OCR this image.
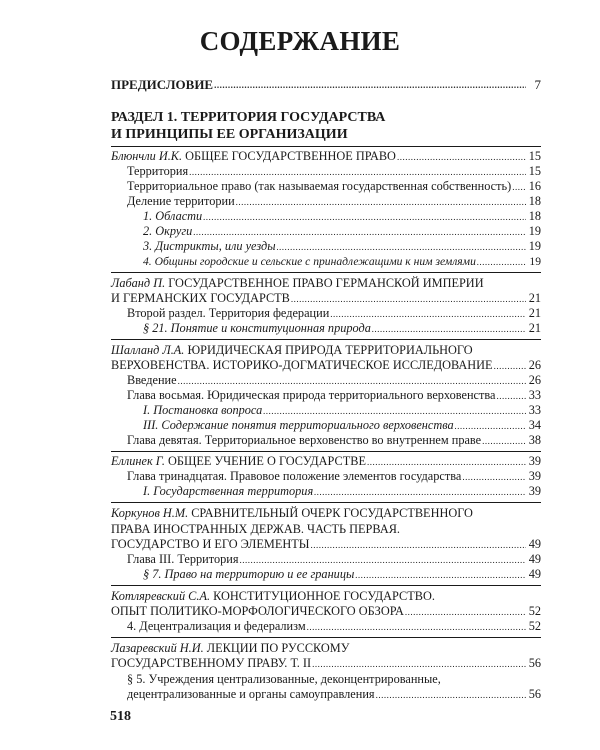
СОДЕРЖАНИЕ
ПРЕДИСЛОВИЕ .....	7
РАЗДЕЛ 1. ТЕРРИТОРИЯ ГОСУДАРСТВА
И ПРИНЦИПЫ ЕЕ ОРГАНИЗАЦИИ
Блюнчли И.К. ОБЩЕЕ ГОСУДАРСТВЕННОЕ ПРАВО .....	15
Территория .....	15
Территориальное право (так называемая государственная собственность) ..... 16
Деление территории .....	18
1. Области .....	18
2. Округи .....	19
3. Дистрикты, или уезды .....	19
4. Общины городские и сельские с принадлежащими к ним землями .....	19
Лабанд П. ГОСУДАРСТВЕННОЕ ПРАВО ГЕРМАНСКОЙ ИМПЕРИИ
И ГЕРМАНСКИХ ГОСУДАРСТВ .....	21
Второй раздел. Территория федерации .....	21
§ 21. Понятие и конституционная природа .....	21
Шалланд Л.А. ЮРИДИЧЕСКАЯ ПРИРОДА ТЕРРИТОРИАЛЬНОГО
ВЕРХОВЕНСТВА. ИСТОРИКО-ДОГМАТИЧЕСКОЕ ИССЛЕДОВАНИЕ .....	26
Введение .....	26
Глава восьмая. Юридическая природа территориального верховенства .....	33
I. Постановка вопроса .....	33
III. Содержание понятия территориального верховенства .....	34
Глава девятая. Территориальное верховенство во внутреннем праве .....	38
Еллинек Г. ОБЩЕЕ УЧЕНИЕ О ГОСУДАРСТВЕ .....	39
Глава тринадцатая. Правовое положение элементов государства .....	39
I. Государственная территория .....	39
Коркунов Н.М. СРАВНИТЕЛЬНЫЙ ОЧЕРК ГОСУДАРСТВЕННОГО
ПРАВА ИНОСТРАННЫХ ДЕРЖАВ. ЧАСТЬ ПЕРВАЯ.
ГОСУДАРСТВО И ЕГО ЭЛЕМЕНТЫ .....	49
Глава III. Территория .....	49
§ 7. Право на территорию и ее границы .....	49
Котляревский С.А. КОНСТИТУЦИОННОЕ ГОСУДАРСТВО.
ОПЫТ ПОЛИТИКО-МОРФОЛОГИЧЕСКОГО ОБЗОРА .....	52
4. Децентрализация и федерализм .....	52
Лазаревский Н.И. ЛЕКЦИИ ПО РУССКОМУ
ГОСУДАРСТВЕННОМУ ПРАВУ. Т. II .....	56
§ 5. Учреждения централизованные, деконцентрированные,
децентрализованные и органы самоуправления .....	56
518
